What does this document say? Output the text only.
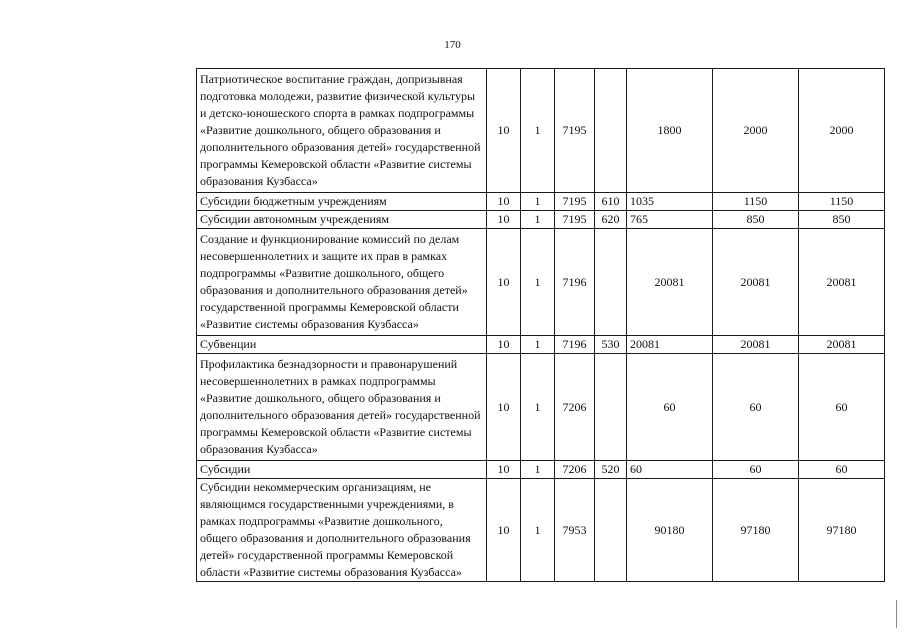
170
Патриотическое воспитание граждан, допризывная подготовка молодежи, развитие физической культуры и детско-юношеского спорта в рамках подпрограммы «Развитие дошкольного, общего образования и дополнительного образования детей» государственной программы Кемеровской области «Развитие системы образования Кузбасса»	10	1	7195		1800	2000	2000
Субсидии бюджетным учреждениям	10	1	7195	610	1035	1150	1150
Субсидии автономным учреждениям	10	1	7195	620	765	850	850
Создание и функционирование комиссий по делам несовершеннолетних и защите их прав в рамках подпрограммы «Развитие дошкольного, общего образования и дополнительного образования детей» государственной программы Кемеровской области «Развитие системы образования Кузбасса»	10	1	7196		20081	20081	20081
Субвенции	10	1	7196	530	20081	20081	20081
Профилактика безнадзорности и правонарушений несовершеннолетних в рамках подпрограммы «Развитие дошкольного, общего образования и дополнительного образования детей» государственной программы Кемеровской области «Развитие системы образования Кузбасса»	10	1	7206		60	60	60
Субсидии	10	1	7206	520	60	60	60
Субсидии некоммерческим организациям, не являющимся государственными учреждениями, в рамках подпрограммы «Развитие дошкольного, общего образования и дополнительного образования детей» государственной программы Кемеровской области «Развитие системы образования Кузбасса»	10	1	7953		90180	97180	97180
